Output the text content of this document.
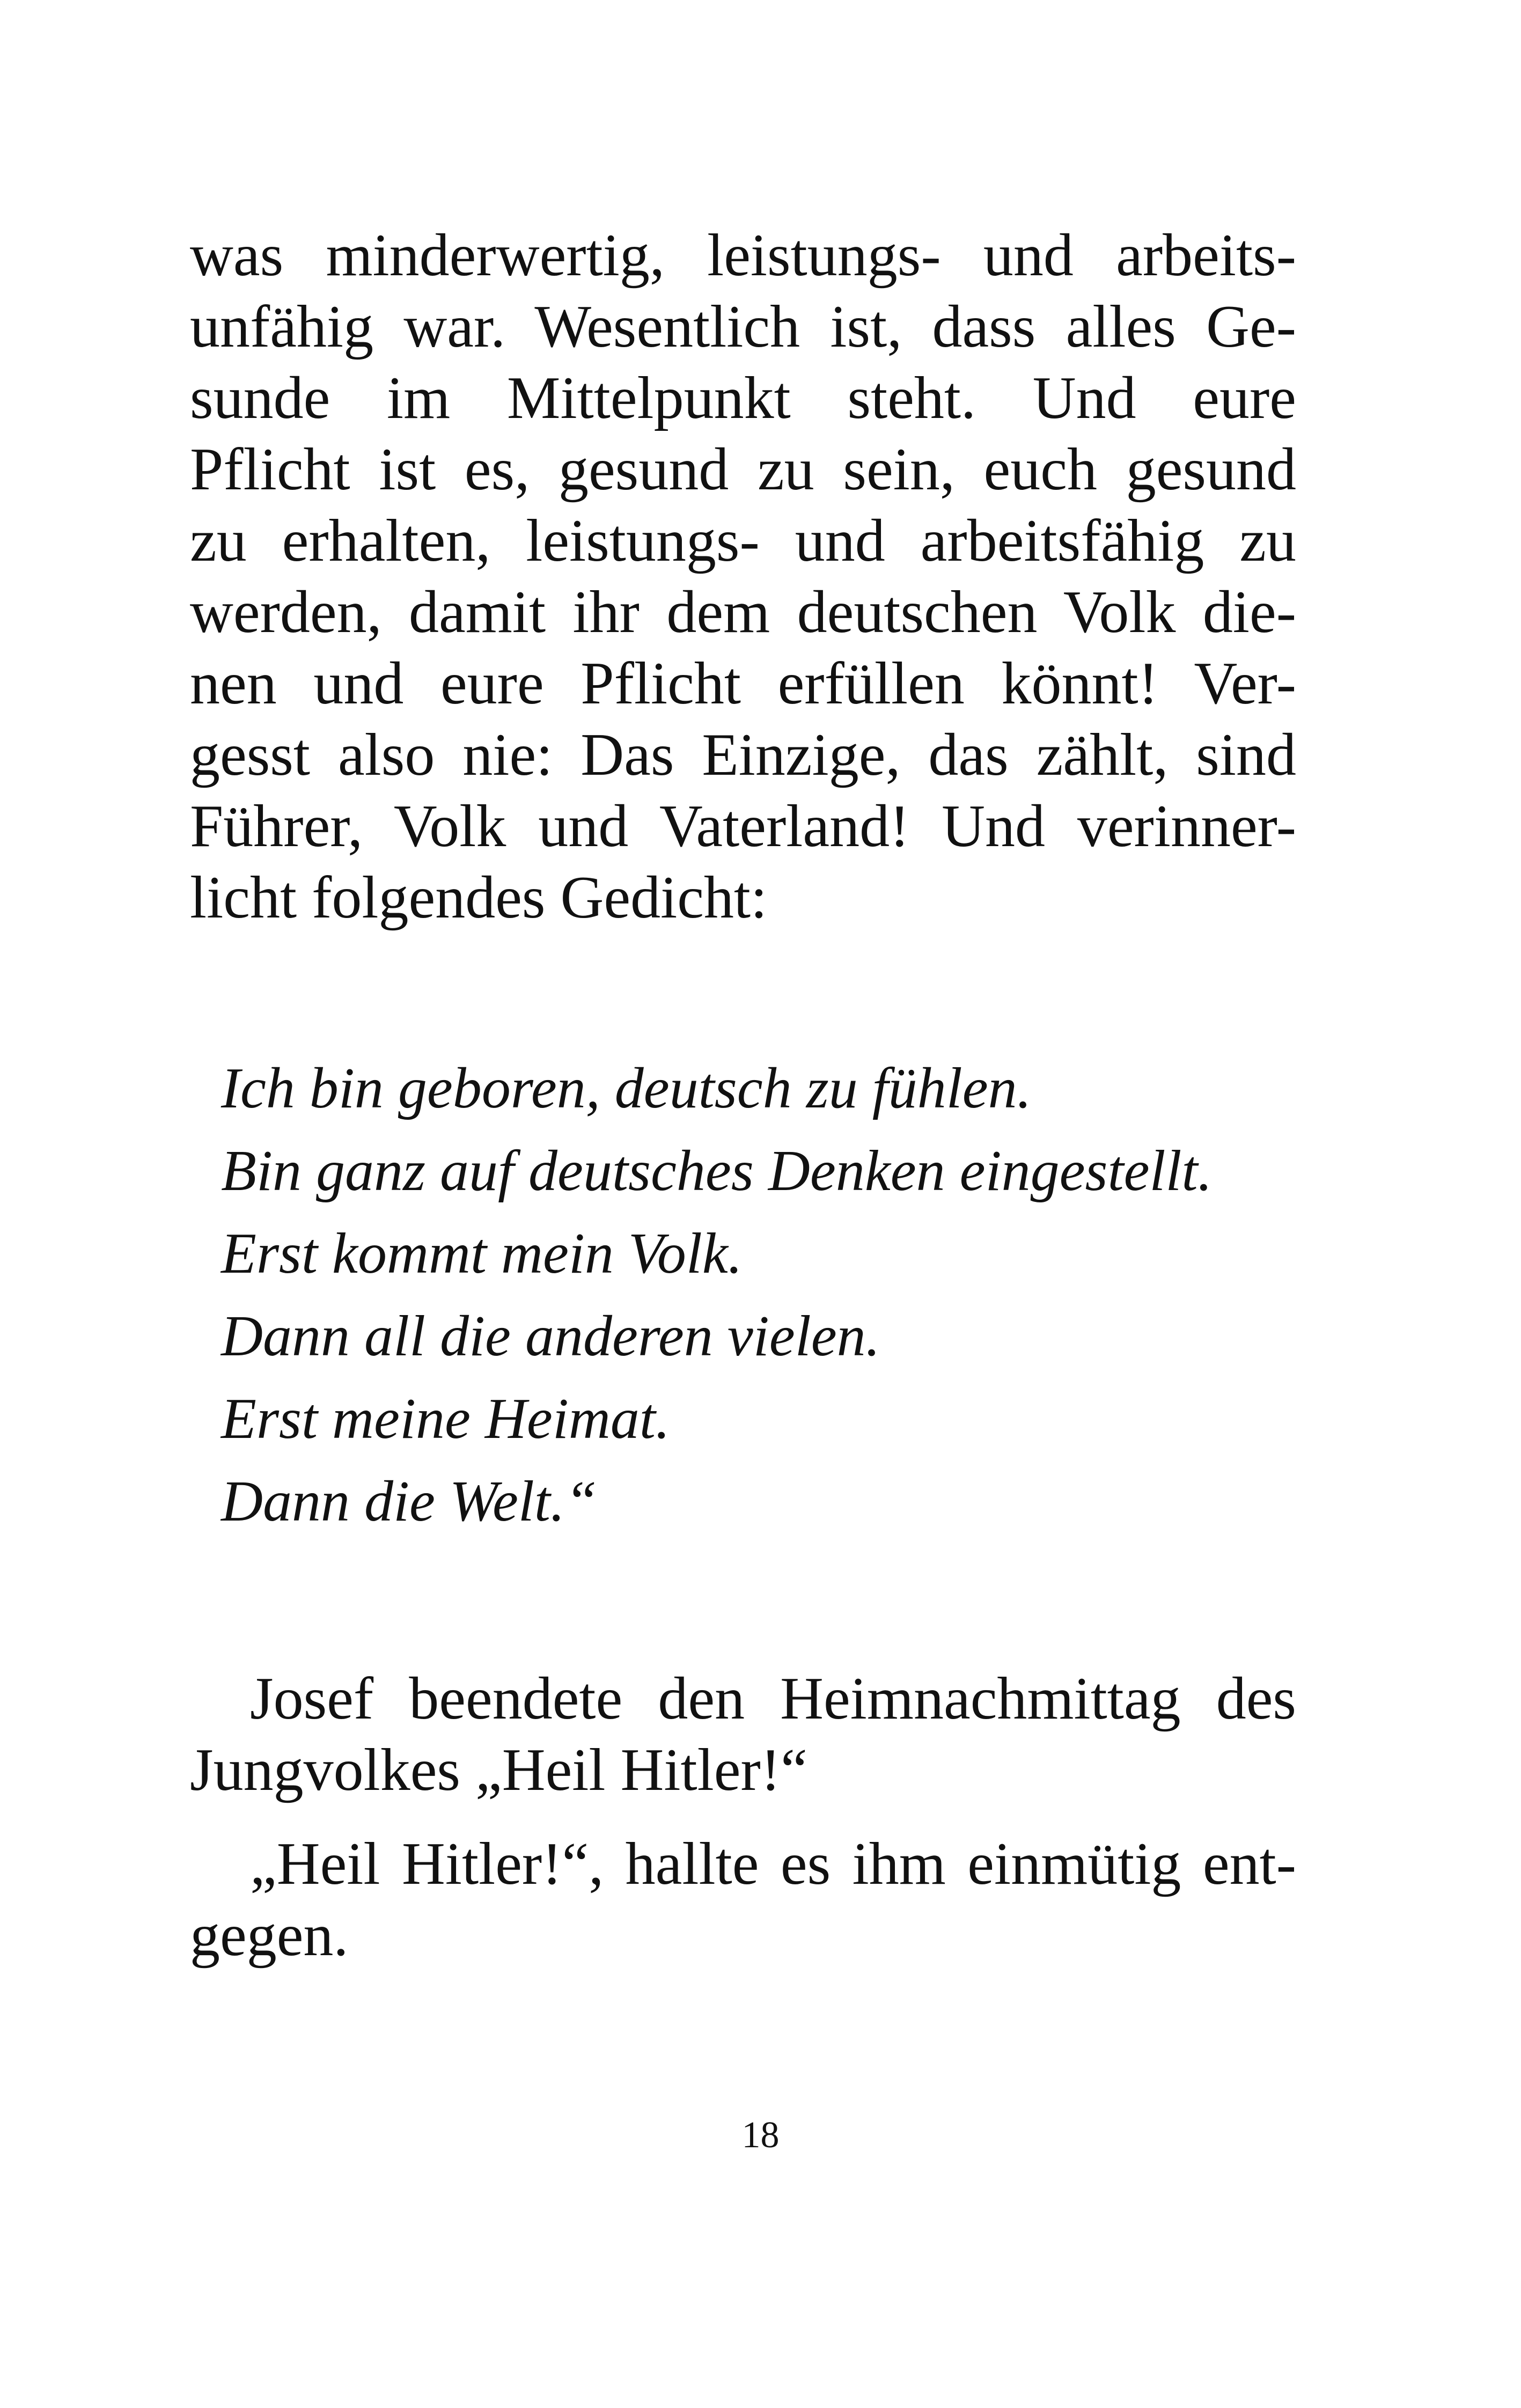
was minderwertig, leistungs- und arbeits-
unfähig war. Wesentlich ist, dass alles Ge-
sunde im Mittelpunkt steht. Und eure
Pflicht ist es, gesund zu sein, euch gesund
zu erhalten, leistungs- und arbeitsfähig zu
werden, damit ihr dem deutschen Volk die-
nen und eure Pflicht erfüllen könnt! Ver-
gesst also nie: Das Einzige, das zählt, sind
Führer, Volk und Vaterland! Und verinner-
licht folgendes Gedicht:
Ich bin geboren, deutsch zu fühlen.
Bin ganz auf deutsches Denken eingestellt.
Erst kommt mein Volk.
Dann all die anderen vielen.
Erst meine Heimat.
Dann die Welt.“
Josef beendete den Heimnachmittag des
Jungvolkes „Heil Hitler!“
„Heil Hitler!“, hallte es ihm einmütig ent-
gegen.
18
